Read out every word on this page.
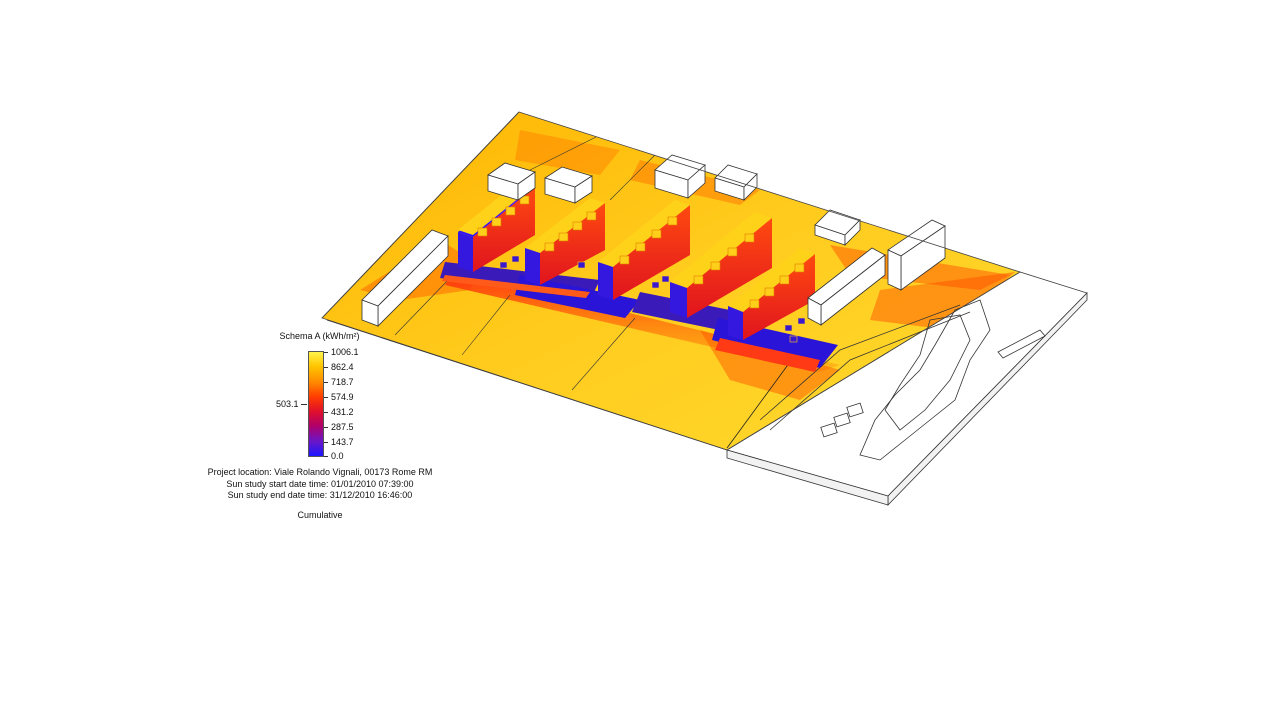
Schema A (kWh/m²)
1006.1
862.4
718.7
574.9
431.2
287.5
143.7
0.0
503.1
Project location: Viale Rolando Vignali, 00173 Rome RM
Sun study start date time: 01/01/2010 07:39:00
Sun study end date time: 31/12/2010 16:46:00
Cumulative
